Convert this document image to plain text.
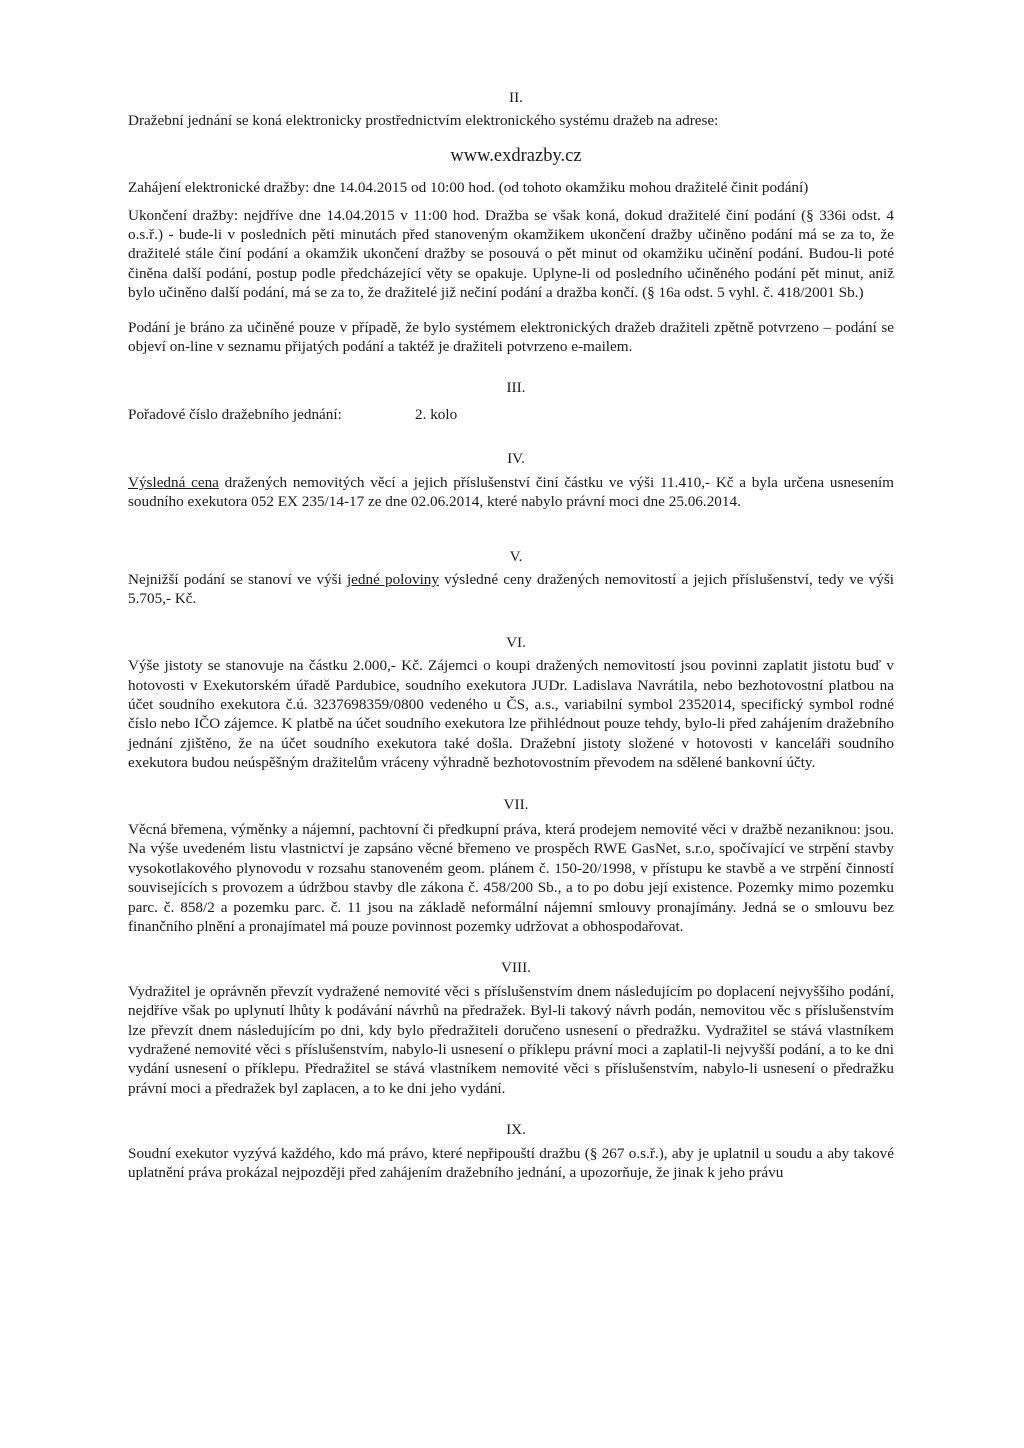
II.

Dražební jednání se koná elektronicky prostřednictvím elektronického systému dražeb na adrese:

www.exdrazby.cz

Zahájení elektronické dražby: dne 14.04.2015 od 10:00 hod. (od tohoto okamžiku mohou dražitelé činit podání)

Ukončení dražby: nejdříve dne 14.04.2015 v 11:00 hod. Dražba se však koná, dokud dražitelé činí podání (§ 336i odst. 4 o.s.ř.) - bude-li v posledních pěti minutách před stanoveným okamžikem ukončení dražby učiněno podání má se za to, že dražitelé stále činí podání a okamžik ukončení dražby se posouvá o pět minut od okamžiku učinění podání. Budou-li poté činěna další podání, postup podle předcházející věty se opakuje. Uplyne-li od posledního učiněného podání pět minut, aniž bylo učiněno další podání, má se za to, že dražitelé již nečiní podání a dražba končí. (§ 16a odst. 5 vyhl. č. 418/2001 Sb.)

Podání je bráno za učiněné pouze v případě, že bylo systémem elektronických dražeb dražiteli zpětně potvrzeno – podání se objeví on-line v seznamu přijatých podání a taktéž je dražiteli potvrzeno e-mailem.

III.

Pořadové číslo dražebního jednání:	2. kolo

IV.

Výsledná cena dražených nemovitých věcí a jejich příslušenství činí částku ve výši 11.410,- Kč a byla určena usnesením soudního exekutora 052 EX 235/14-17 ze dne 02.06.2014, které nabylo právní moci dne 25.06.2014.

V.

Nejnižší podání se stanoví ve výši jedné poloviny výsledné ceny dražených nemovitostí a jejich příslušenství, tedy ve výši 5.705,- Kč.

VI.

Výše jistoty se stanovuje na částku 2.000,- Kč. Zájemci o koupi dražených nemovitostí jsou povinni zaplatit jistotu buď v hotovosti v Exekutorském úřadě Pardubice, soudního exekutora JUDr. Ladislava Navrátila, nebo bezhotovostní platbou na účet soudního exekutora č.ú. 3237698359/0800 vedeného u ČS, a.s., variabilní symbol 2352014, specifický symbol rodné číslo nebo IČO zájemce. K platbě na účet soudního exekutora lze přihlédnout pouze tehdy, bylo-li před zahájením dražebního jednání zjištěno, že na účet soudního exekutora také došla. Dražební jistoty složené v hotovosti v kanceláři soudního exekutora budou neúspěšným dražitelům vráceny výhradně bezhotovostním převodem na sdělené bankovní účty.

VII.

Věcná břemena, výměnky a nájemní, pachtovní či předkupní práva, která prodejem nemovité věci v dražbě nezaniknou: jsou. Na výše uvedeném listu vlastnictví je zapsáno věcné břemeno ve prospěch RWE GasNet, s.r.o, spočívající ve strpění stavby vysokotlakového plynovodu v rozsahu stanoveném geom. plánem č. 150-20/1998, v přístupu ke stavbě a ve strpění činností souvisejících s provozem a údržbou stavby dle zákona č. 458/200 Sb., a to po dobu její existence. Pozemky mimo pozemku parc. č. 858/2 a pozemku parc. č. 11 jsou na základě neformální nájemní smlouvy pronajímány. Jedná se o smlouvu bez finančního plnění a pronajímatel má pouze povinnost pozemky udržovat a obhospodařovat.

VIII.

Vydražitel je oprávněn převzít vydražené nemovité věci s příslušenstvím dnem následujícím po doplacení nejvyššího podání, nejdříve však po uplynutí lhůty k podávání návrhů na předražek. Byl-li takový návrh podán, nemovitou věc s příslušenstvím lze převzít dnem následujícím po dni, kdy bylo předražiteli doručeno usnesení o předražku. Vydražitel se stává vlastníkem vydražené nemovité věci s příslušenstvím, nabylo-li usnesení o příklepu právní moci a zaplatil-li nejvyšší podání, a to ke dni vydání usnesení o příklepu. Předražitel se stává vlastníkem nemovité věci s příslušenstvím, nabylo-li usnesení o předražku právní moci a předražek byl zaplacen, a to ke dni jeho vydání.

IX.

Soudní exekutor vyzývá každého, kdo má právo, které nepřipouští dražbu (§ 267 o.s.ř.), aby je uplatnil u soudu a aby takové uplatnění práva prokázal nejpozději před zahájením dražebního jednání, a upozorňuje, že jinak k jeho právu
